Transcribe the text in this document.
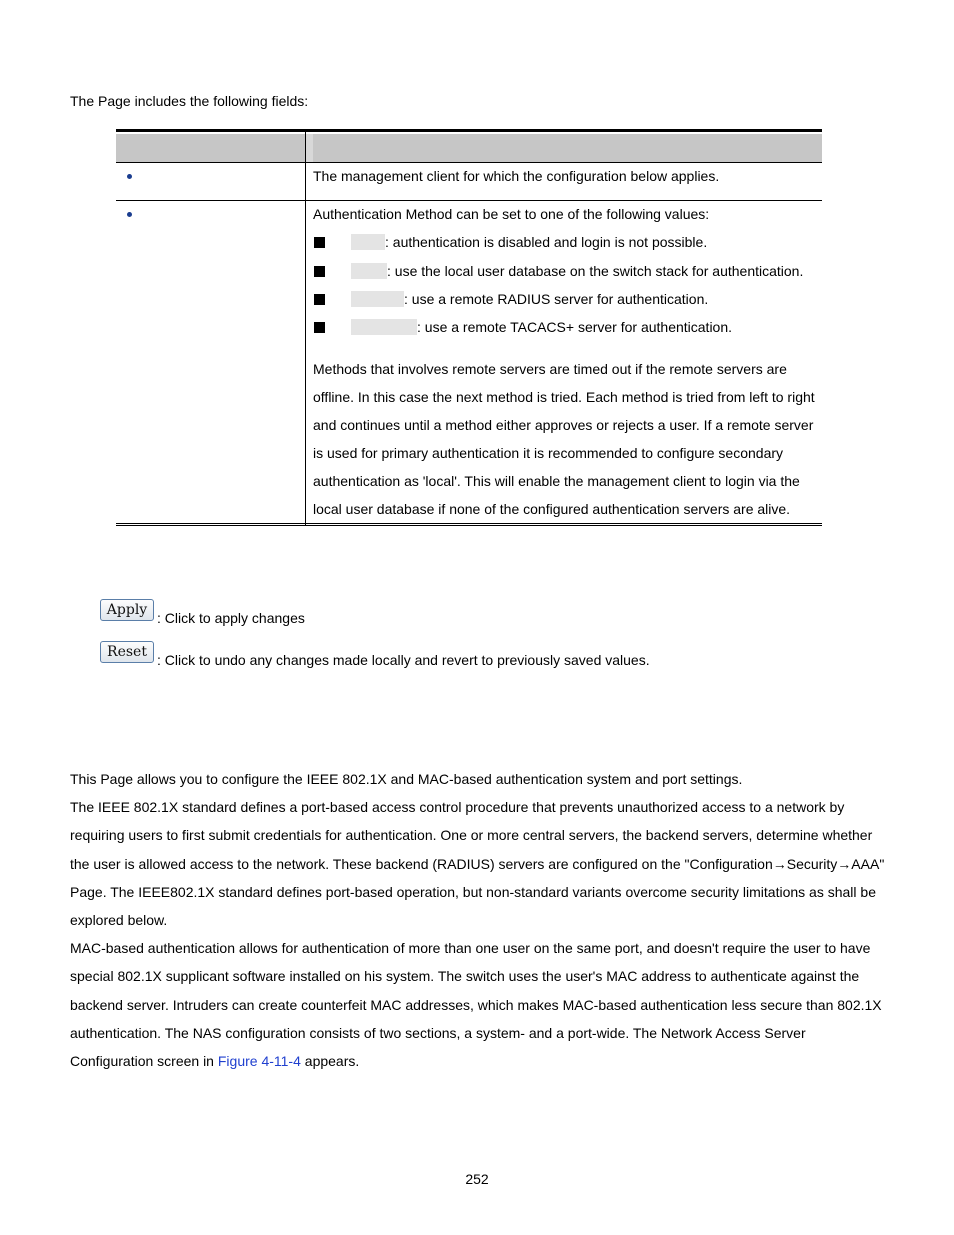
The Page includes the following fields:
The management client for which the configuration below applies.
Authentication Method can be set to one of the following values:
: authentication is disabled and login is not possible.
: use the local user database on the switch stack for authentication.
: use a remote RADIUS server for authentication.
: use a remote TACACS+ server for authentication.
Methods that involves remote servers are timed out if the remote servers are
offline. In this case the next method is tried. Each method is tried from left to right
and continues until a method either approves or rejects a user. If a remote server
is used for primary authentication it is recommended to configure secondary
authentication as 'local'. This will enable the management client to login via the
local user database if none of the configured authentication servers are alive.
Apply : Click to apply changes
Reset : Click to undo any changes made locally and revert to previously saved values.

This Page allows you to configure the IEEE 802.1X and MAC-based authentication system and port settings.

The IEEE 802.1X standard defines a port-based access control procedure that prevents unauthorized access to a network by

requiring users to first submit credentials for authentication. One or more central servers, the backend servers, determine whether

the user is allowed access to the network. These backend (RADIUS) servers are configured on the "Configuration→Security→AAA"

Page. The IEEE802.1X standard defines port-based operation, but non-standard variants overcome security limitations as shall be

explored below.

MAC-based authentication allows for authentication of more than one user on the same port, and doesn't require the user to have

special 802.1X supplicant software installed on his system. The switch uses the user's MAC address to authenticate against the

backend server. Intruders can create counterfeit MAC addresses, which makes MAC-based authentication less secure than 802.1X

authentication. The NAS configuration consists of two sections, a system- and a port-wide. The Network Access Server

Configuration screen in Figure 4-11-4 appears.

252
